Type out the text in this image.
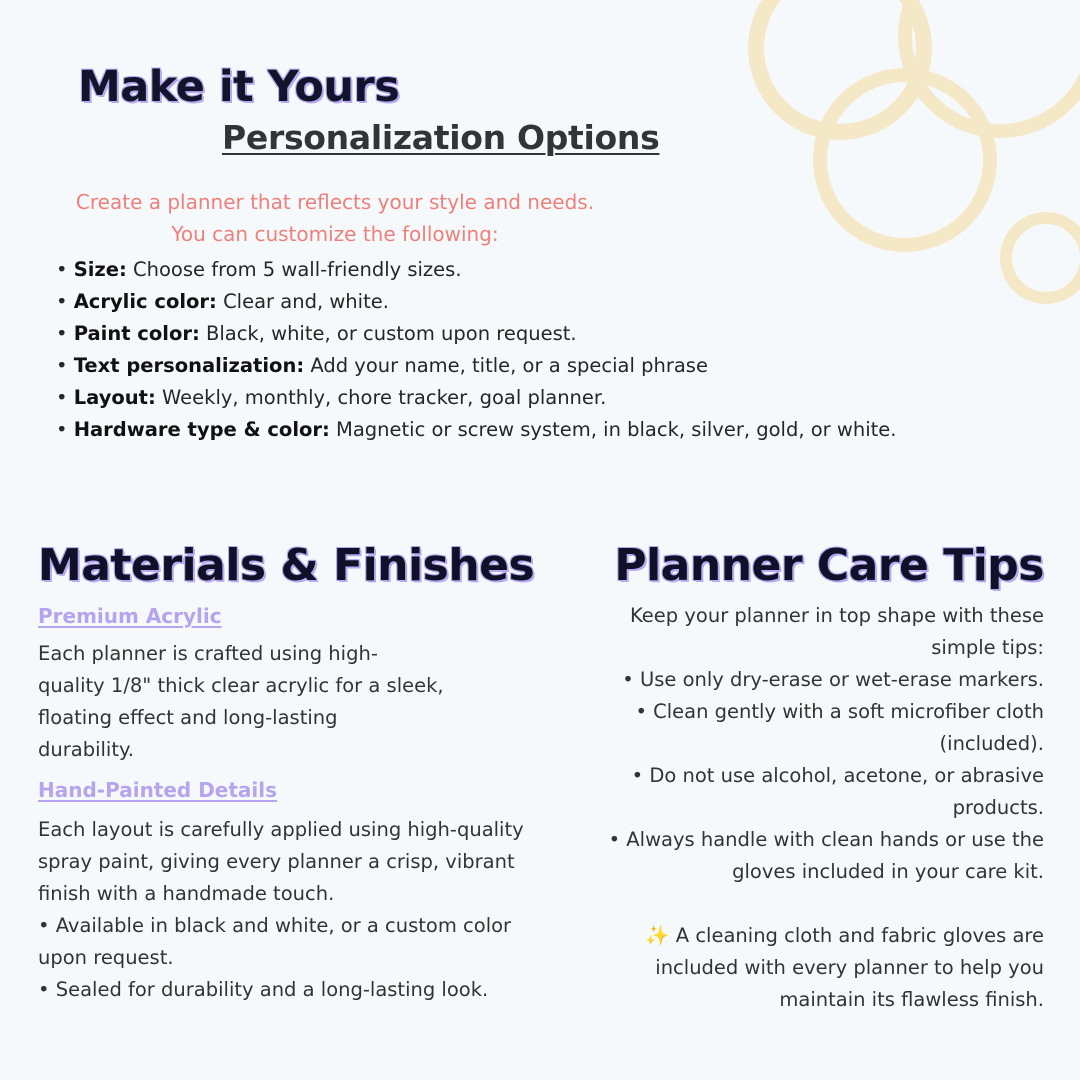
Make it Yours
Personalization Options
Create a planner that reflects your style and needs.
You can customize the following:
• Size: Choose from 5 wall-friendly sizes.
• Acrylic color: Clear and, white.
• Paint color: Black, white, or custom upon request.
• Text personalization: Add your name, title, or a special phrase
• Layout: Weekly, monthly, chore tracker, goal planner.
• Hardware type & color: Magnetic or screw system, in black, silver, gold, or white.
Materials & Finishes
Premium Acrylic
Each planner is crafted using high-
quality 1/8" thick clear acrylic for a sleek,
floating effect and long-lasting
durability.
Hand-Painted Details
Each layout is carefully applied using high-quality
spray paint, giving every planner a crisp, vibrant
finish with a handmade touch.
• Available in black and white, or a custom color
upon request.
• Sealed for durability and a long-lasting look.
Planner Care Tips

Keep your planner in top shape with these

simple tips:

• Use only dry-erase or wet-erase markers.

• Clean gently with a soft microfiber cloth

(included).

• Do not use alcohol, acetone, or abrasive

products.

• Always handle with clean hands or use the

gloves included in your care kit.

✨ A cleaning cloth and fabric gloves are

included with every planner to help you

maintain its flawless finish.
